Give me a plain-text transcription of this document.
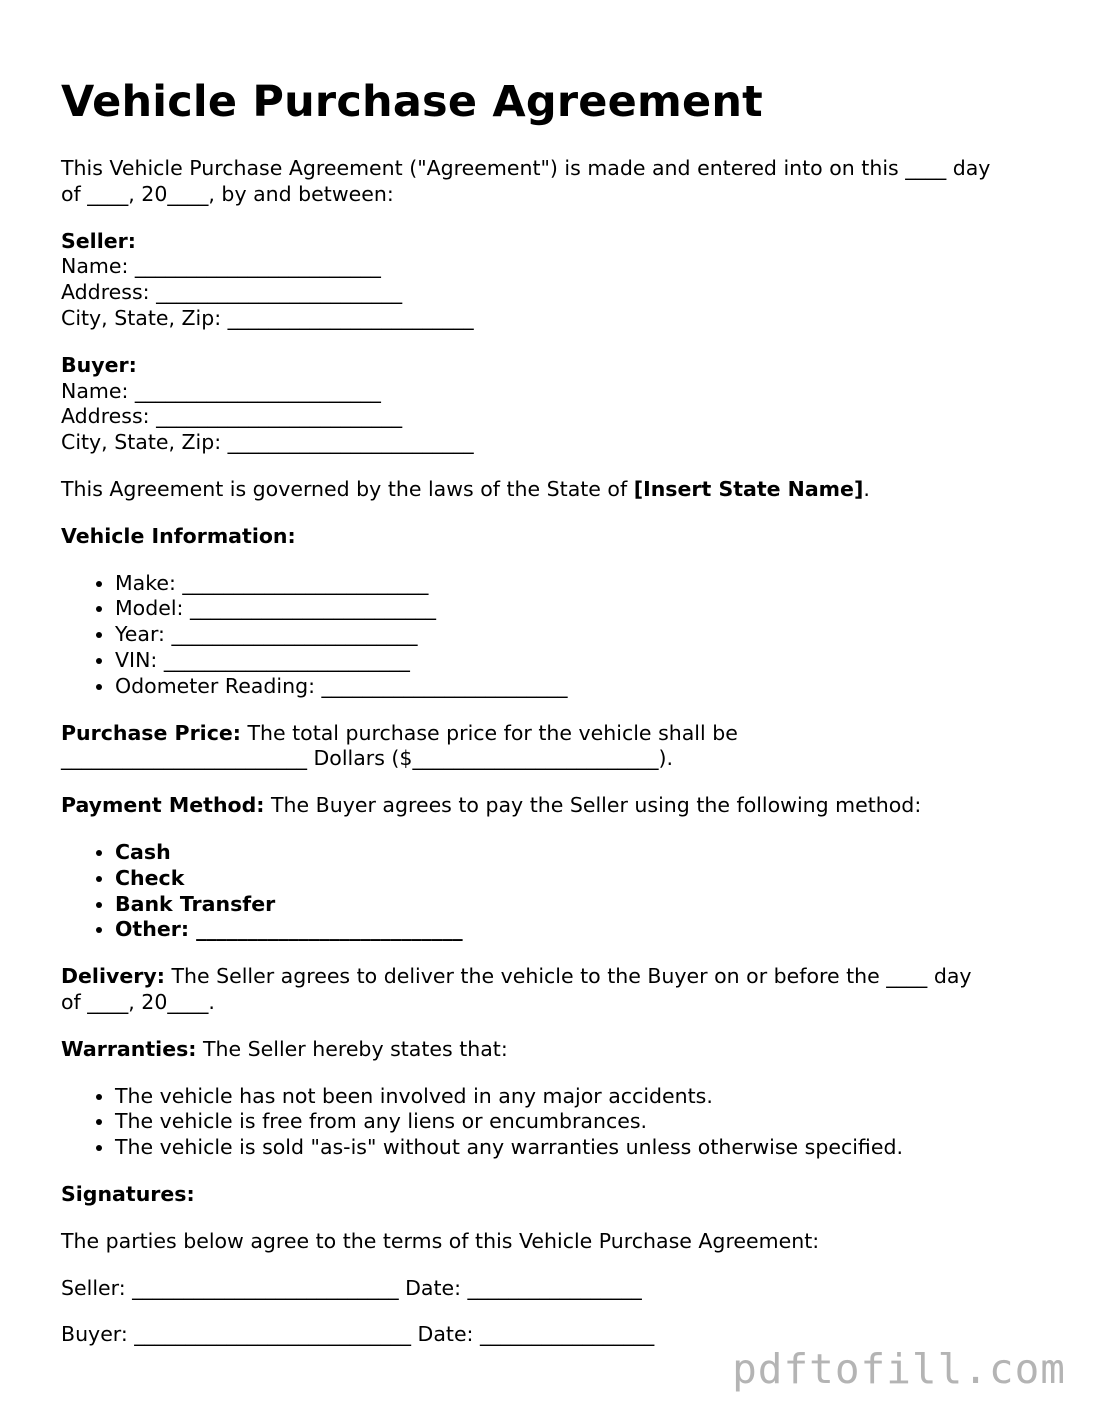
Vehicle Purchase Agreement

This Vehicle Purchase Agreement ("Agreement") is made and entered into on this ____ day
of ____, 20____, by and between:

Seller:
Name: ________________________
Address: ________________________
City, State, Zip: ________________________
Buyer:
Name: ________________________
Address: ________________________
City, State, Zip: ________________________

This Agreement is governed by the laws of the State of [Insert State Name].

Vehicle Information:

• Make: ________________________
• Model: ________________________
• Year: ________________________
• VIN: ________________________
• Odometer Reading: ________________________

Purchase Price: The total purchase price for the vehicle shall be
________________________ Dollars ($________________________).

Payment Method: The Buyer agrees to pay the Seller using the following method:

• Cash
• Check
• Bank Transfer
• Other: __________________________

Delivery: The Seller agrees to deliver the vehicle to the Buyer on or before the ____ day
of ____, 20____.

Warranties: The Seller hereby states that:

• The vehicle has not been involved in any major accidents.
• The vehicle is free from any liens or encumbrances.
• The vehicle is sold "as-is" without any warranties unless otherwise specified.

Signatures:

The parties below agree to the terms of this Vehicle Purchase Agreement:

Seller: __________________________ Date: _________________

Buyer: ___________________________ Date: _________________

pdftofill.com
